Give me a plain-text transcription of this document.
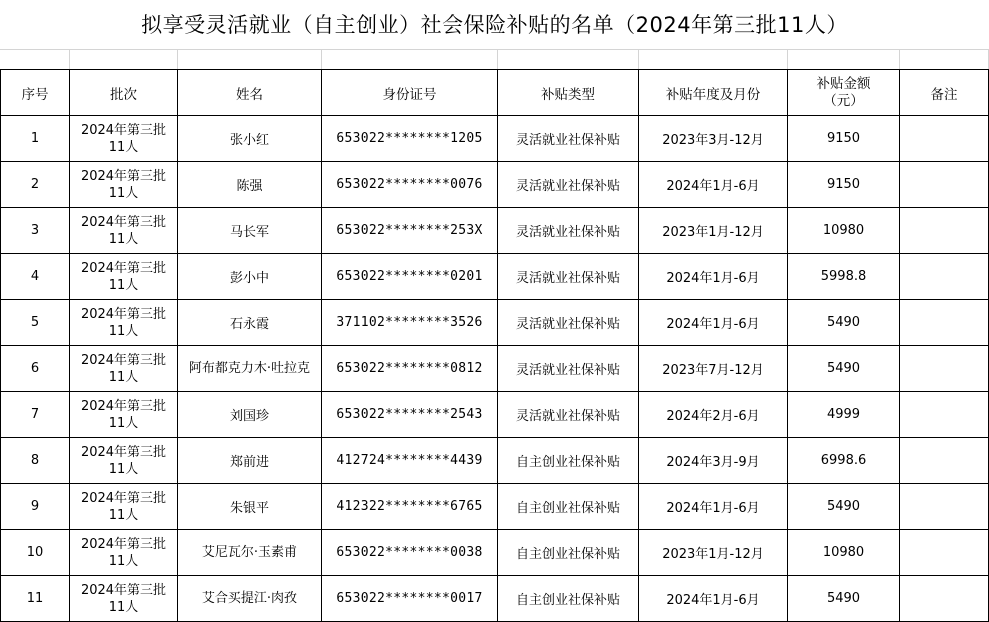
拟享受灵活就业（自主创业）社会保险补贴的名单（2024年第三批11人）
序号	批次	姓名	身份证号	补贴类型	补贴年度及月份	补贴金额（元）	备注
1	2024年第三批11人	张小红	653022********1205	灵活就业社保补贴	2023年3月-12月	9150	
2	2024年第三批11人	陈强	653022********0076	灵活就业社保补贴	2024年1月-6月	9150	
3	2024年第三批11人	马长军	653022********253X	灵活就业社保补贴	2023年1月-12月	10980	
4	2024年第三批11人	彭小中	653022********0201	灵活就业社保补贴	2024年1月-6月	5998.8	
5	2024年第三批11人	石永霞	371102********3526	灵活就业社保补贴	2024年1月-6月	5490	
6	2024年第三批11人	阿布都克力木·吐拉克	653022********0812	灵活就业社保补贴	2023年7月-12月	5490	
7	2024年第三批11人	刘国珍	653022********2543	灵活就业社保补贴	2024年2月-6月	4999	
8	2024年第三批11人	郑前进	412724********4439	自主创业社保补贴	2024年3月-9月	6998.6	
9	2024年第三批11人	朱银平	412322********6765	自主创业社保补贴	2024年1月-6月	5490	
10	2024年第三批11人	艾尼瓦尔·玉素甫	653022********0038	自主创业社保补贴	2023年1月-12月	10980	
11	2024年第三批11人	艾合买提江·肉孜	653022********0017	自主创业社保补贴	2024年1月-6月	5490	
